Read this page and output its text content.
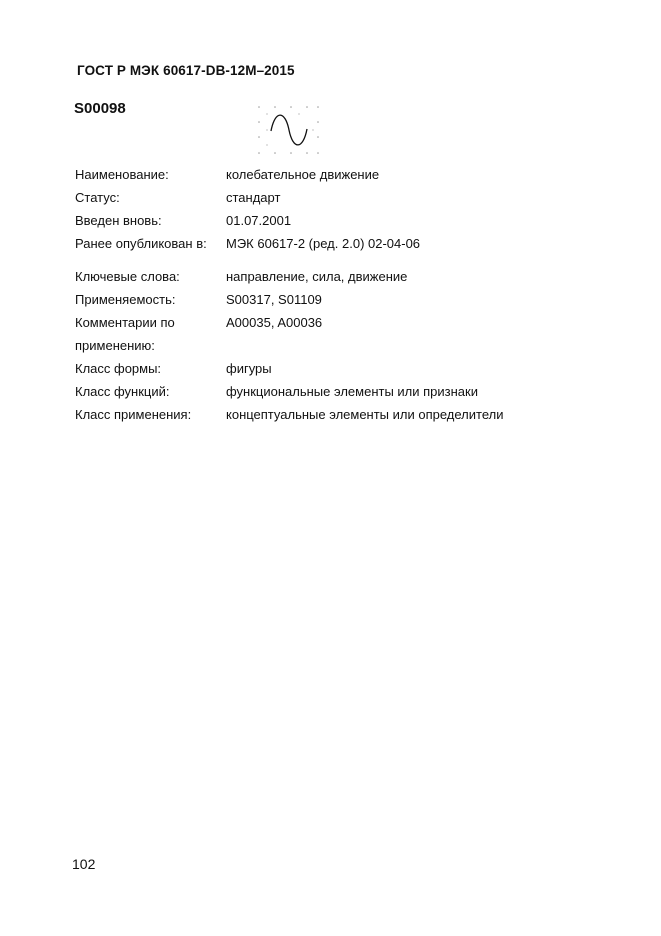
ГОСТ Р МЭК 60617-DB-12M–2015
S00098
Наименование:	колебательное движение
Статус:	стандарт
Введен вновь:	01.07.2001
Ранее опубликован в:	МЭК 60617-2 (ред. 2.0) 02-04-06
Ключевые слова:	направление, сила, движение
Применяемость:	S00317, S01109
Комментарии по	A00035, A00036
применению:
Класс формы:	фигуры
Класс функций:	функциональные элементы или признаки
Класс применения:	концептуальные элементы или определители
102
